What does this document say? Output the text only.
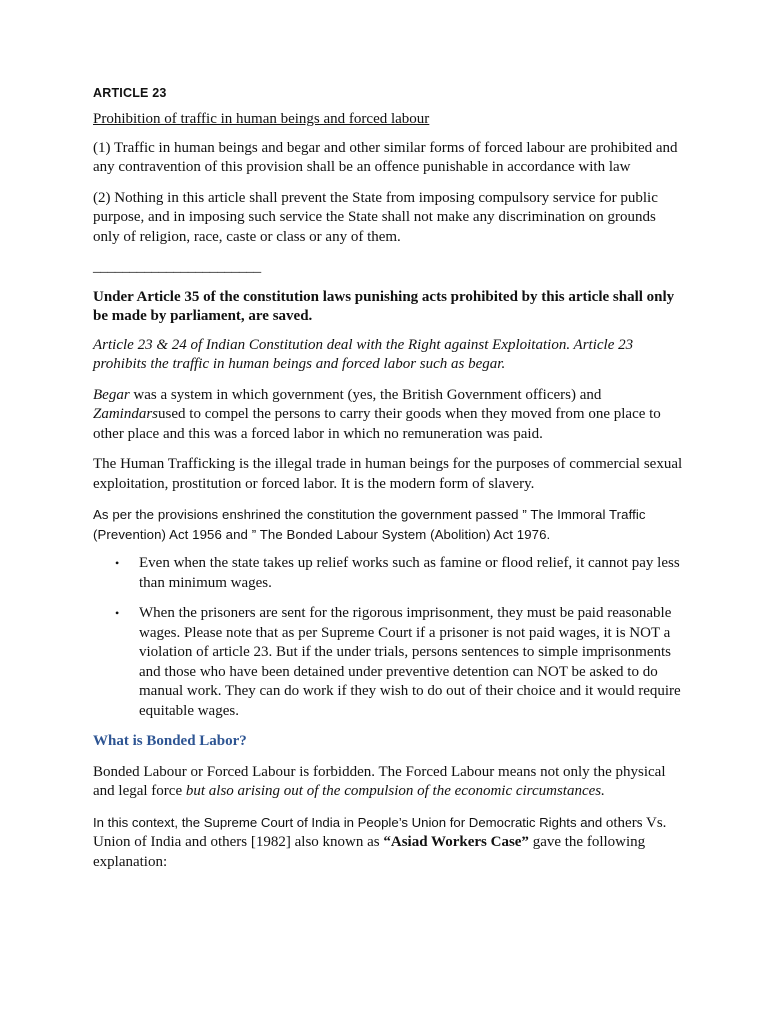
ARTICLE 23

Prohibition of traffic in human beings and forced labour

(1) Traffic in human beings and begar and other similar forms of forced labour are prohibited and any contravention of this provision shall be an offence punishable in accordance with law

(2) Nothing in this article shall prevent the State from imposing compulsory service for public purpose, and in imposing such service the State shall not make any discrimination on grounds only of religion, race, caste or class or any of them.

_______________________

Under Article 35 of the constitution laws punishing acts prohibited by this article shall only be made by parliament, are saved.

Article 23 & 24 of Indian Constitution deal with the Right against Exploitation. Article 23 prohibits the traffic in human beings and forced labor such as begar.

Begar was a system in which government (yes, the British Government officers) and Zamindarsused to compel the persons to carry their goods when they moved from one place to other place and this was a forced labor in which no remuneration was paid.

The Human Trafficking is the illegal trade in human beings for the purposes of commercial sexual exploitation, prostitution or forced labor. It is the modern form of slavery.

As per the provisions enshrined the constitution the government passed ” The Immoral Traffic (Prevention) Act 1956 and ” The Bonded Labour System (Abolition) Act 1976.

• Even when the state takes up relief works such as famine or flood relief, it cannot pay less than minimum wages.
• When the prisoners are sent for the rigorous imprisonment, they must be paid reasonable wages. Please note that as per Supreme Court if a prisoner is not paid wages, it is NOT a violation of article 23. But if the under trials, persons sentences to simple imprisonments and those who have been detained under preventive detention can NOT be asked to do manual work. They can do work if they wish to do out of their choice and it would require equitable wages.

What is Bonded Labor?

Bonded Labour or Forced Labour is forbidden. The Forced Labour means not only the physical and legal force but also arising out of the compulsion of the economic circumstances.

In this context, the Supreme Court of India in People’s Union for Democratic Rights and others Vs. Union of India and others [1982] also known as “Asiad Workers Case” gave the following explanation:
